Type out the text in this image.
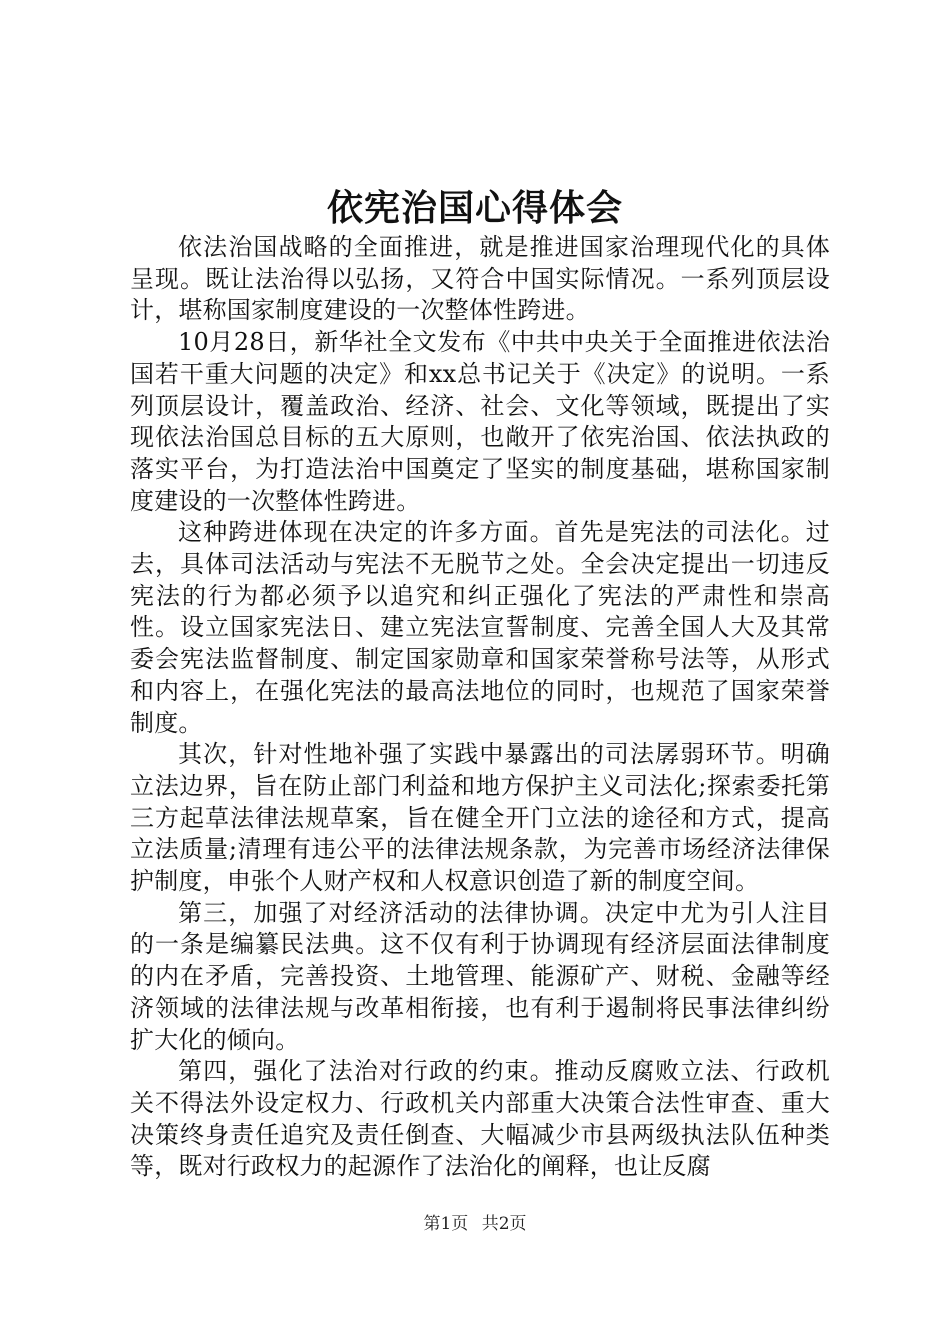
依宪治国心得体会

依法治国战略的全面推进，就是推进国家治理现代化的具体呈现。既让法治得以弘扬，又符合中国实际情况。一系列顶层设计，堪称国家制度建设的一次整体性跨进。

10月28日，新华社全文发布《中共中央关于全面推进依法治国若干重大问题的决定》和xx总书记关于《决定》的说明。一系列顶层设计，覆盖政治、经济、社会、文化等领域，既提出了实现依法治国总目标的五大原则，也敞开了依宪治国、依法执政的落实平台，为打造法治中国奠定了坚实的制度基础，堪称国家制度建设的一次整体性跨进。

这种跨进体现在决定的许多方面。首先是宪法的司法化。过去，具体司法活动与宪法不无脱节之处。全会决定提出一切违反宪法的行为都必须予以追究和纠正强化了宪法的严肃性和崇高性。设立国家宪法日、建立宪法宣誓制度、完善全国人大及其常委会宪法监督制度、制定国家勋章和国家荣誉称号法等，从形式和内容上，在强化宪法的最高法地位的同时，也规范了国家荣誉制度。

其次，针对性地补强了实践中暴露出的司法孱弱环节。明确立法边界，旨在防止部门利益和地方保护主义司法化;探索委托第三方起草法律法规草案，旨在健全开门立法的途径和方式，提高立法质量;清理有违公平的法律法规条款，为完善市场经济法律保护制度，申张个人财产权和人权意识创造了新的制度空间。

第三，加强了对经济活动的法律协调。决定中尤为引人注目的一条是编纂民法典。这不仅有利于协调现有经济层面法律制度的内在矛盾，完善投资、土地管理、能源矿产、财税、金融等经济领域的法律法规与改革相衔接，也有利于遏制将民事法律纠纷扩大化的倾向。

第四，强化了法治对行政的约束。推动反腐败立法、行政机关不得法外设定权力、行政机关内部重大决策合法性审查、重大决策终身责任追究及责任倒查、大幅减少市县两级执法队伍种类等，既对行政权力的起源作了法治化的阐释，也让反腐

第1页 共2页
